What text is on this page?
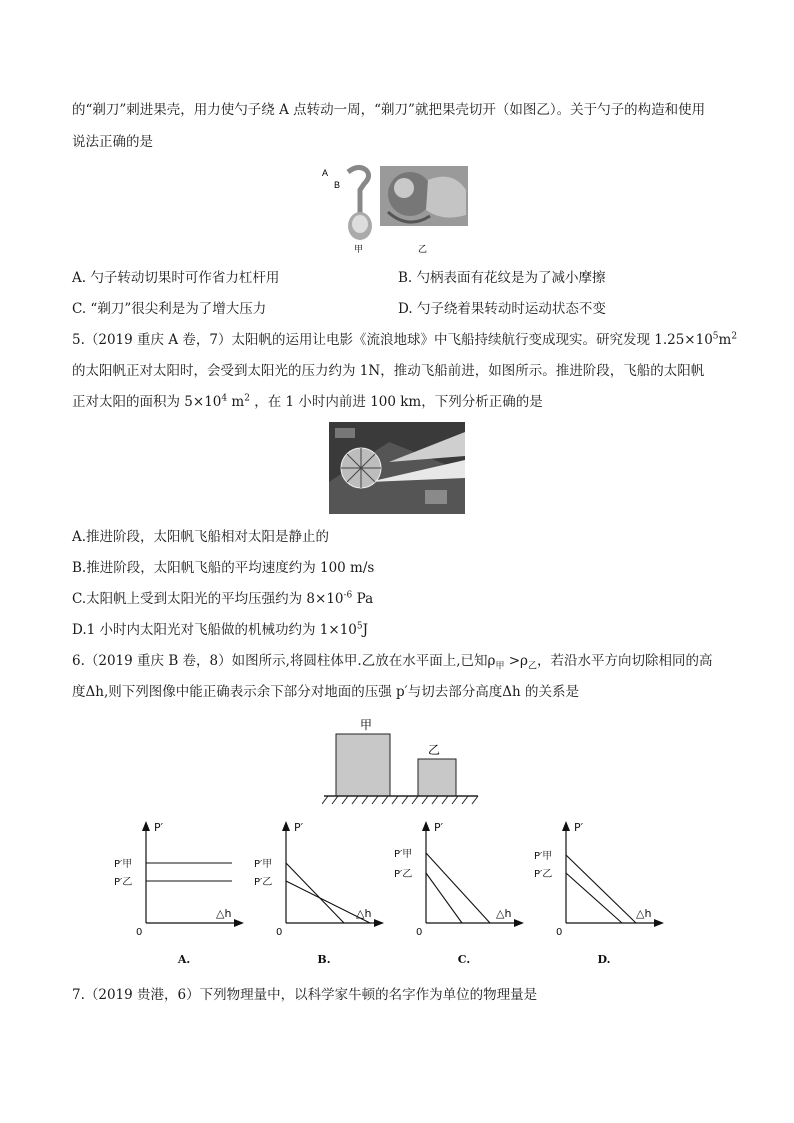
的“剃刀”刺进果壳，用力使勺子绕 A 点转动一周，“剃刀”就把果壳切开（如图乙）。关于勺子的构造和使用
说法正确的是
A
B
甲	乙
A. 勺子转动切果时可作省力杠杆用	B. 勺柄表面有花纹是为了减小摩擦
C. “剃刀”很尖利是为了增大压力	D. 勺子绕着果转动时运动状态不变
5.（2019 重庆 A 卷，7）太阳帆的运用让电影《流浪地球》中飞船持续航行变成现实。研究发现 $1.25\times 10^5m^2$
的太阳帆正对太阳时，会受到太阳光的压力约为 1N，推动飞船前进，如图所示。推进阶段，飞船的太阳帆
正对太阳的面积为 $5\times 10^4$ $m^2$ ，在 1 小时内前进 100 km，下列分析正确的是
A.推进阶段，太阳帆飞船相对太阳是静止的
B.推进阶段，太阳帆飞船的平均速度约为 100 m/s
C.太阳帆上受到太阳光的平均压强约为 $8\times 10^{-6}$ Pa
D.1 小时内太阳光对飞船做的机械功约为 $1\times 10^5J$
6.（2019 重庆 B 卷，8）如图所示,将圆柱体甲.乙放在水平面上,已知$\rho_甲 >\rho_乙$，若沿水平方向切除相同的高
度Δh,则下列图像中能正确表示余下部分对地面的压强 p′与切去部分高度Δh 的关系是
甲
乙
P′
△h
0
P′甲
P′乙
A.
P′
△h
0
P′甲
P′乙
B.
P′
△h
0
P′甲
P′乙
C.
P′
△h
0
P′甲
P′乙
D.
7.（2019 贵港，6）下列物理量中，以科学家牛顿的名字作为单位的物理量是
